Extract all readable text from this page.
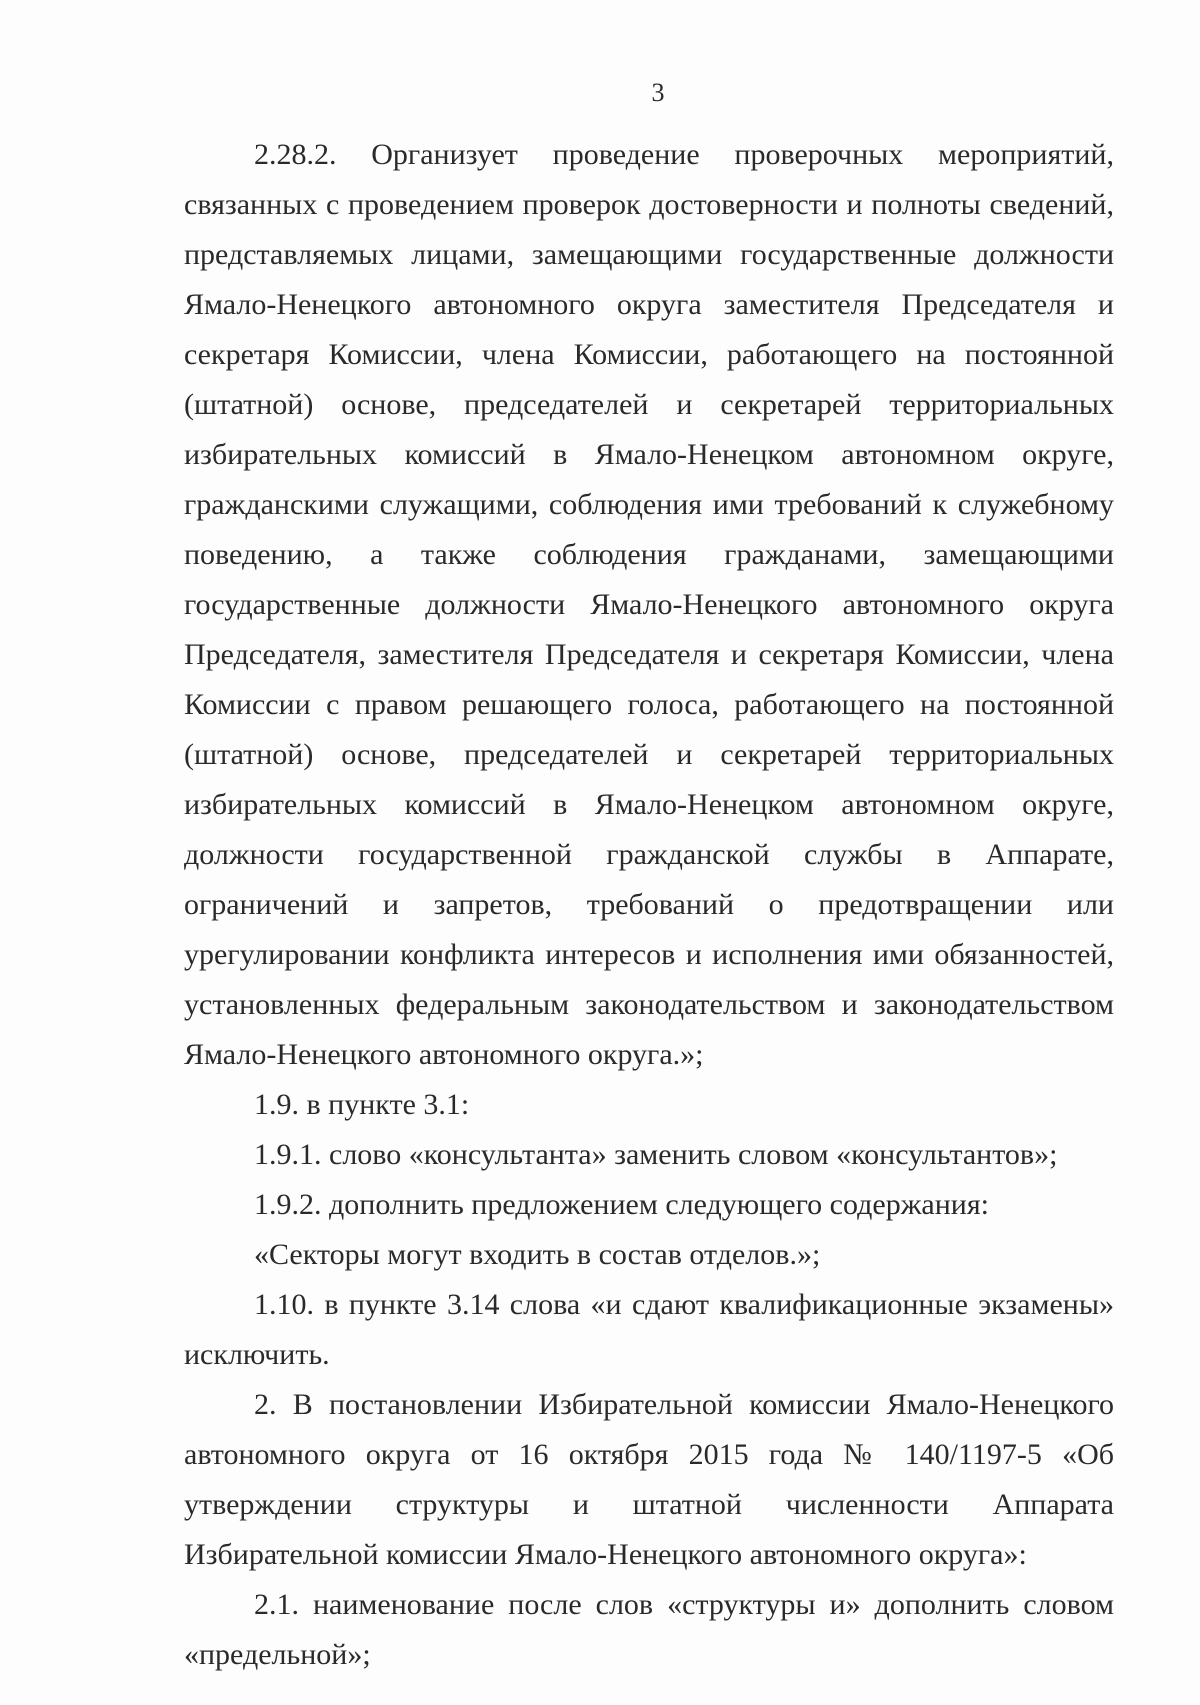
3

2.28.2. Организует проведение проверочных мероприятий, связанных с проведением проверок достоверности и полноты сведений, представляемых лицами, замещающими государственные должности Ямало-Ненецкого автономного округа заместителя Председателя и секретаря Комиссии, члена Комиссии, работающего на постоянной (штатной) основе, председателей и секретарей территориальных избирательных комиссий в Ямало-Ненецком автономном округе, гражданскими служащими, соблюдения ими требований к служебному поведению, а также соблюдения гражданами, замещающими государственные должности Ямало-Ненецкого автономного округа Председателя, заместителя Председателя и секретаря Комиссии, члена Комиссии с правом решающего голоса, работающего на постоянной (штатной) основе, председателей и секретарей территориальных избирательных комиссий в Ямало-Ненецком автономном округе, должности государственной гражданской службы в Аппарате, ограничений и запретов, требований о предотвращении или урегулировании конфликта интересов и исполнения ими обязанностей, установленных федеральным законодательством и законодательством Ямало-Ненецкого автономного округа.»;

1.9. в пункте 3.1:

1.9.1. слово «консультанта» заменить словом «консультантов»;

1.9.2. дополнить предложением следующего содержания:

«Секторы могут входить в состав отделов.»;

1.10. в пункте 3.14 слова «и сдают квалификационные экзамены» исключить.

2. В постановлении Избирательной комиссии Ямало-Ненецкого автономного округа от 16 октября 2015 года № 140/1197-5 «Об утверждении структуры и штатной численности Аппарата Избирательной комиссии Ямало-Ненецкого автономного округа»:

2.1. наименование после слов «структуры и» дополнить словом «предельной»;
